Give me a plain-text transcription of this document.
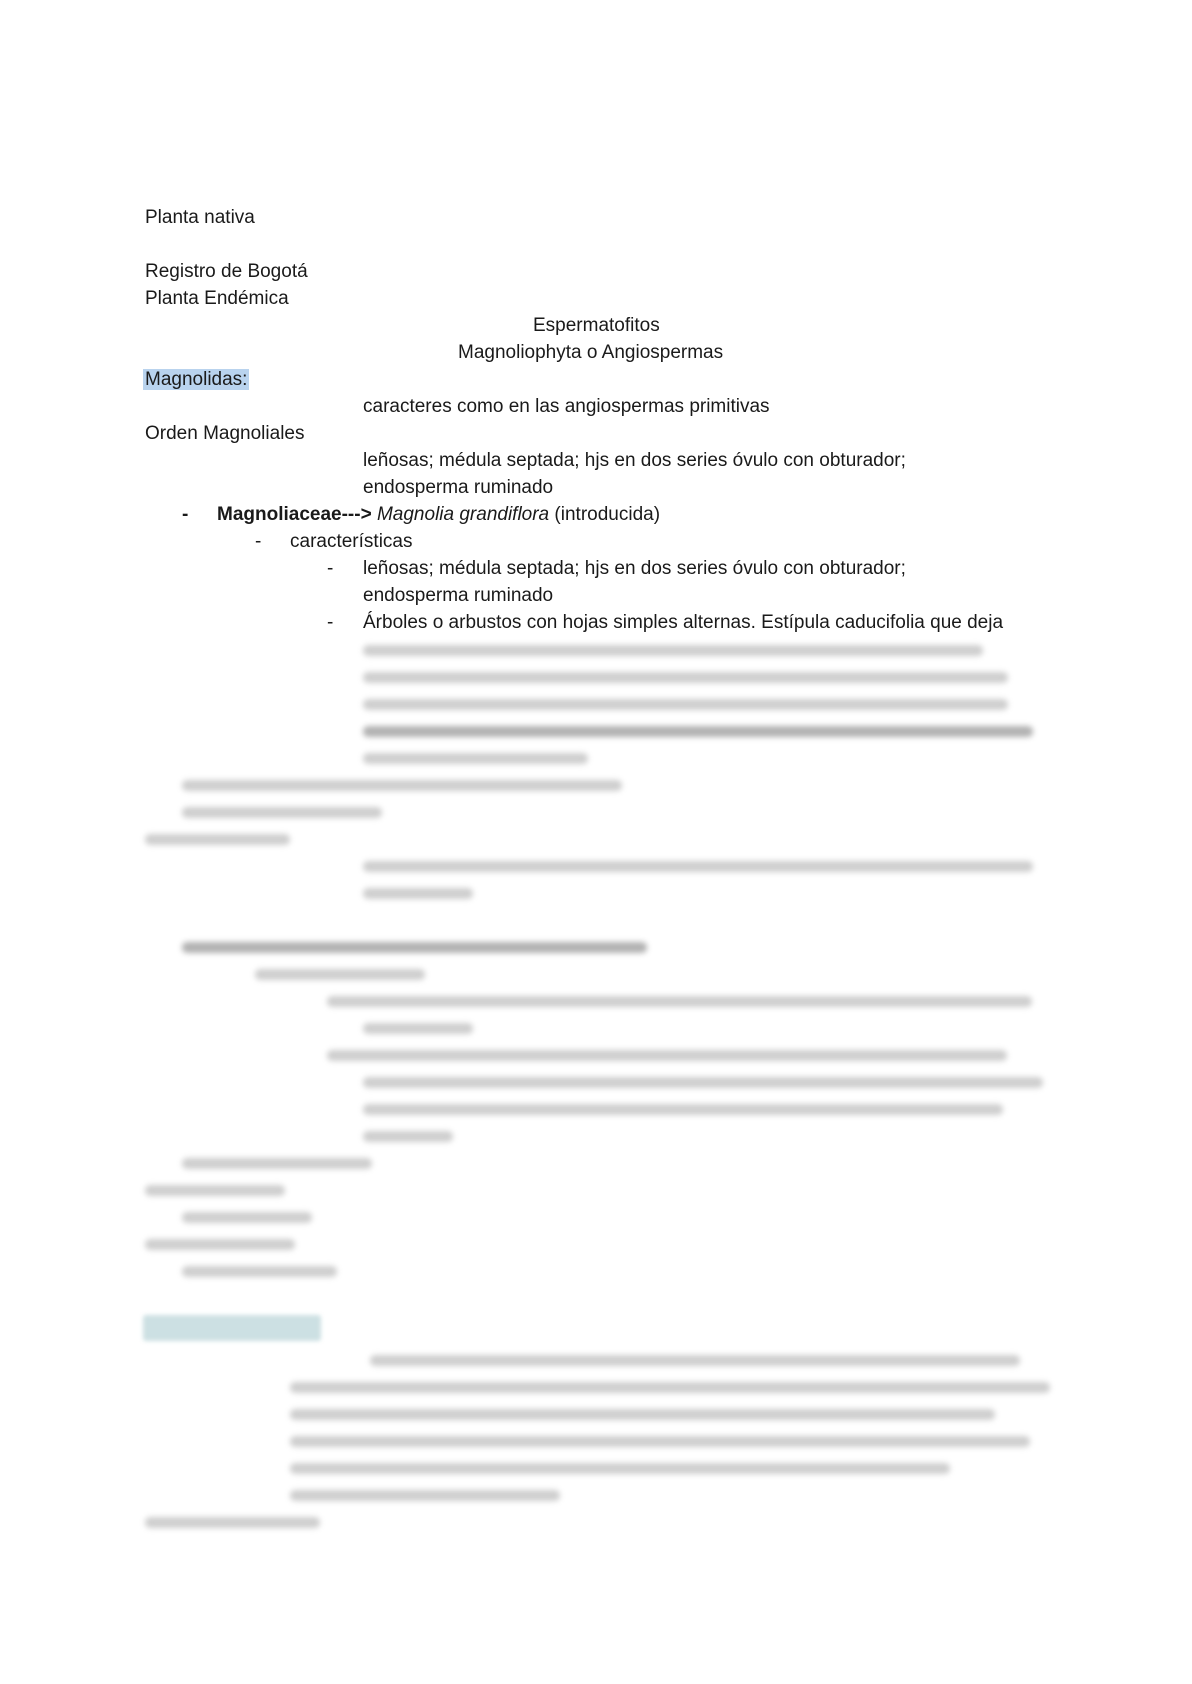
Planta nativa
Registro de Bogotá
Planta Endémica
Espermatofitos
Magnoliophyta o Angiospermas
Magnolidas:
caracteres como en las angiospermas primitivas
Orden Magnoliales
leñosas; médula septada; hjs en dos series óvulo con obturador;
endosperma ruminado
- Magnoliaceae---> Magnolia grandiflora (introducida)
- características
- leñosas; médula septada; hjs en dos series óvulo con obturador;
endosperma ruminado
- Árboles o arbustos con hojas simples alternas. Estípula caducifolia que deja
